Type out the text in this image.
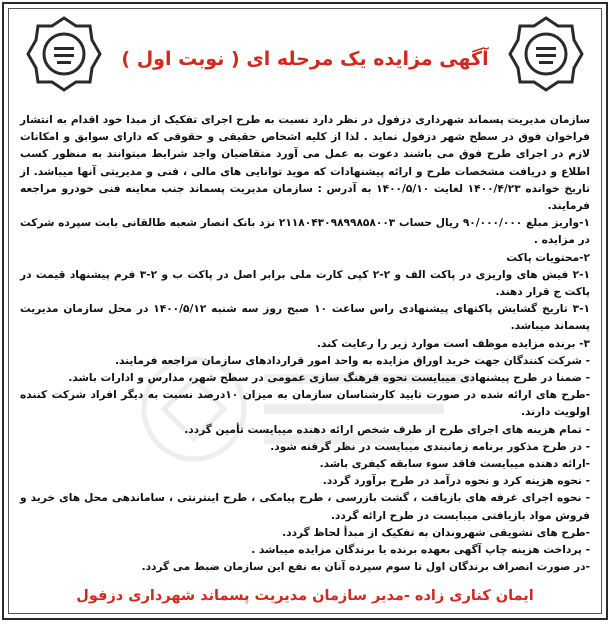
آگهی مزایده یک مرحله ای ( نوبت اول )

سازمان مدیریت پسماند شهرداری دزفول در نظر دارد نسبت به طرح اجرای تفکیک از مبدا خود اقدام به انتشار فراخوان فوق در سطح شهر دزفول نماید . لذا از کلیه اشخاص حقیقی و حقوقی که دارای سوابق و امکانات لازم در اجرای طرح فوق می باشند دعوت به عمل می آورد متقاضیان واجد شرایط میتوانند به منظور کسب اطلاع و دریافت مشخصات طرح و ارائه پیشنهادات که موید توانایی های مالی ، فنی و مدیریتی آنها میباشد. از تاریخ خوانده ۱۴۰۰/۴/۲۳ لغایت ۱۴۰۰/۵/۱۰ به آدرس : سازمان مدیریت پسماند جنب معاینه فنی خودرو مراجعه فرمایند.

۱-واریز مبلغ ۹۰/۰۰۰/۰۰۰ ریال حساب ۲۱۱۸۰۴۳۰۹۸۹۹۸۵۸۰۰۳ نزد بانک انصار شعبه طالقانی بابت سپرده شرکت در مزایده .

۲-محتویات پاکت

۲-۱ فیش های واریزی در پاکت الف و ۲-۲ کپی کارت ملی برابر اصل در پاکت ب و ۲-۳ فرم پیشنهاد قیمت در پاکت ج قرار دهند.

۳-۱ تاریخ گشایش پاکتهای پیشنهادی راس ساعت ۱۰ صبح روز سه شنبه ۱۴۰۰/۵/۱۲ در محل سازمان مدیریت پسماند میباشد.

۳- برنده مزایده موظف است موارد زیر را رعایت کند.

- شرکت کنندگان جهت خرید اوراق مزایده به واحد امور قراردادهای سازمان مراجعه فرمایند.

- ضمنا در طرح پیشنهادی میبایست نحوه فرهنگ سازی عمومی در سطح شهر، مدارس و ادارات باشد.

-طرح های ارائه شده در صورت تایید کارشناسان سازمان به میزان ۱۰درصد نسبت به دیگر افراد شرکت کننده اولویت دارند.

- تمام هزینه های اجرای طرح از طرف شخص ارائه دهنده میبایست تأمین گردد.

- در طرح مذکور برنامه زمانبندی میبایست در نظر گرفته شود.

-ارائه دهنده میبایست فاقد سوء سابقه کیفری باشد.

- نحوه هزینه کرد و نحوه درآمد در طرح برآورد گردد.

- نحوه اجرای غرفه های بازیافت ، گشت بازرسی ، طرح پیامکی ، طرح اینترنتی ، ساماندهی محل های خرید و فروش مواد بازیافتی میبایست در طرح ارائه گردد.

-طرح های تشویقی شهروندان به تفکیک از مبدأ لحاظ گردد.

- پرداخت هزینه چاپ آگهی بعهده برنده یا برندگان مزایده میباشد .

-در صورت انصراف برندگان اول تا سوم سپرده آنان به نفع این سازمان ضبط می گردد.

ایمان کناری زاده -مدیر سازمان مدیریت پسماند شهرداری دزفول
